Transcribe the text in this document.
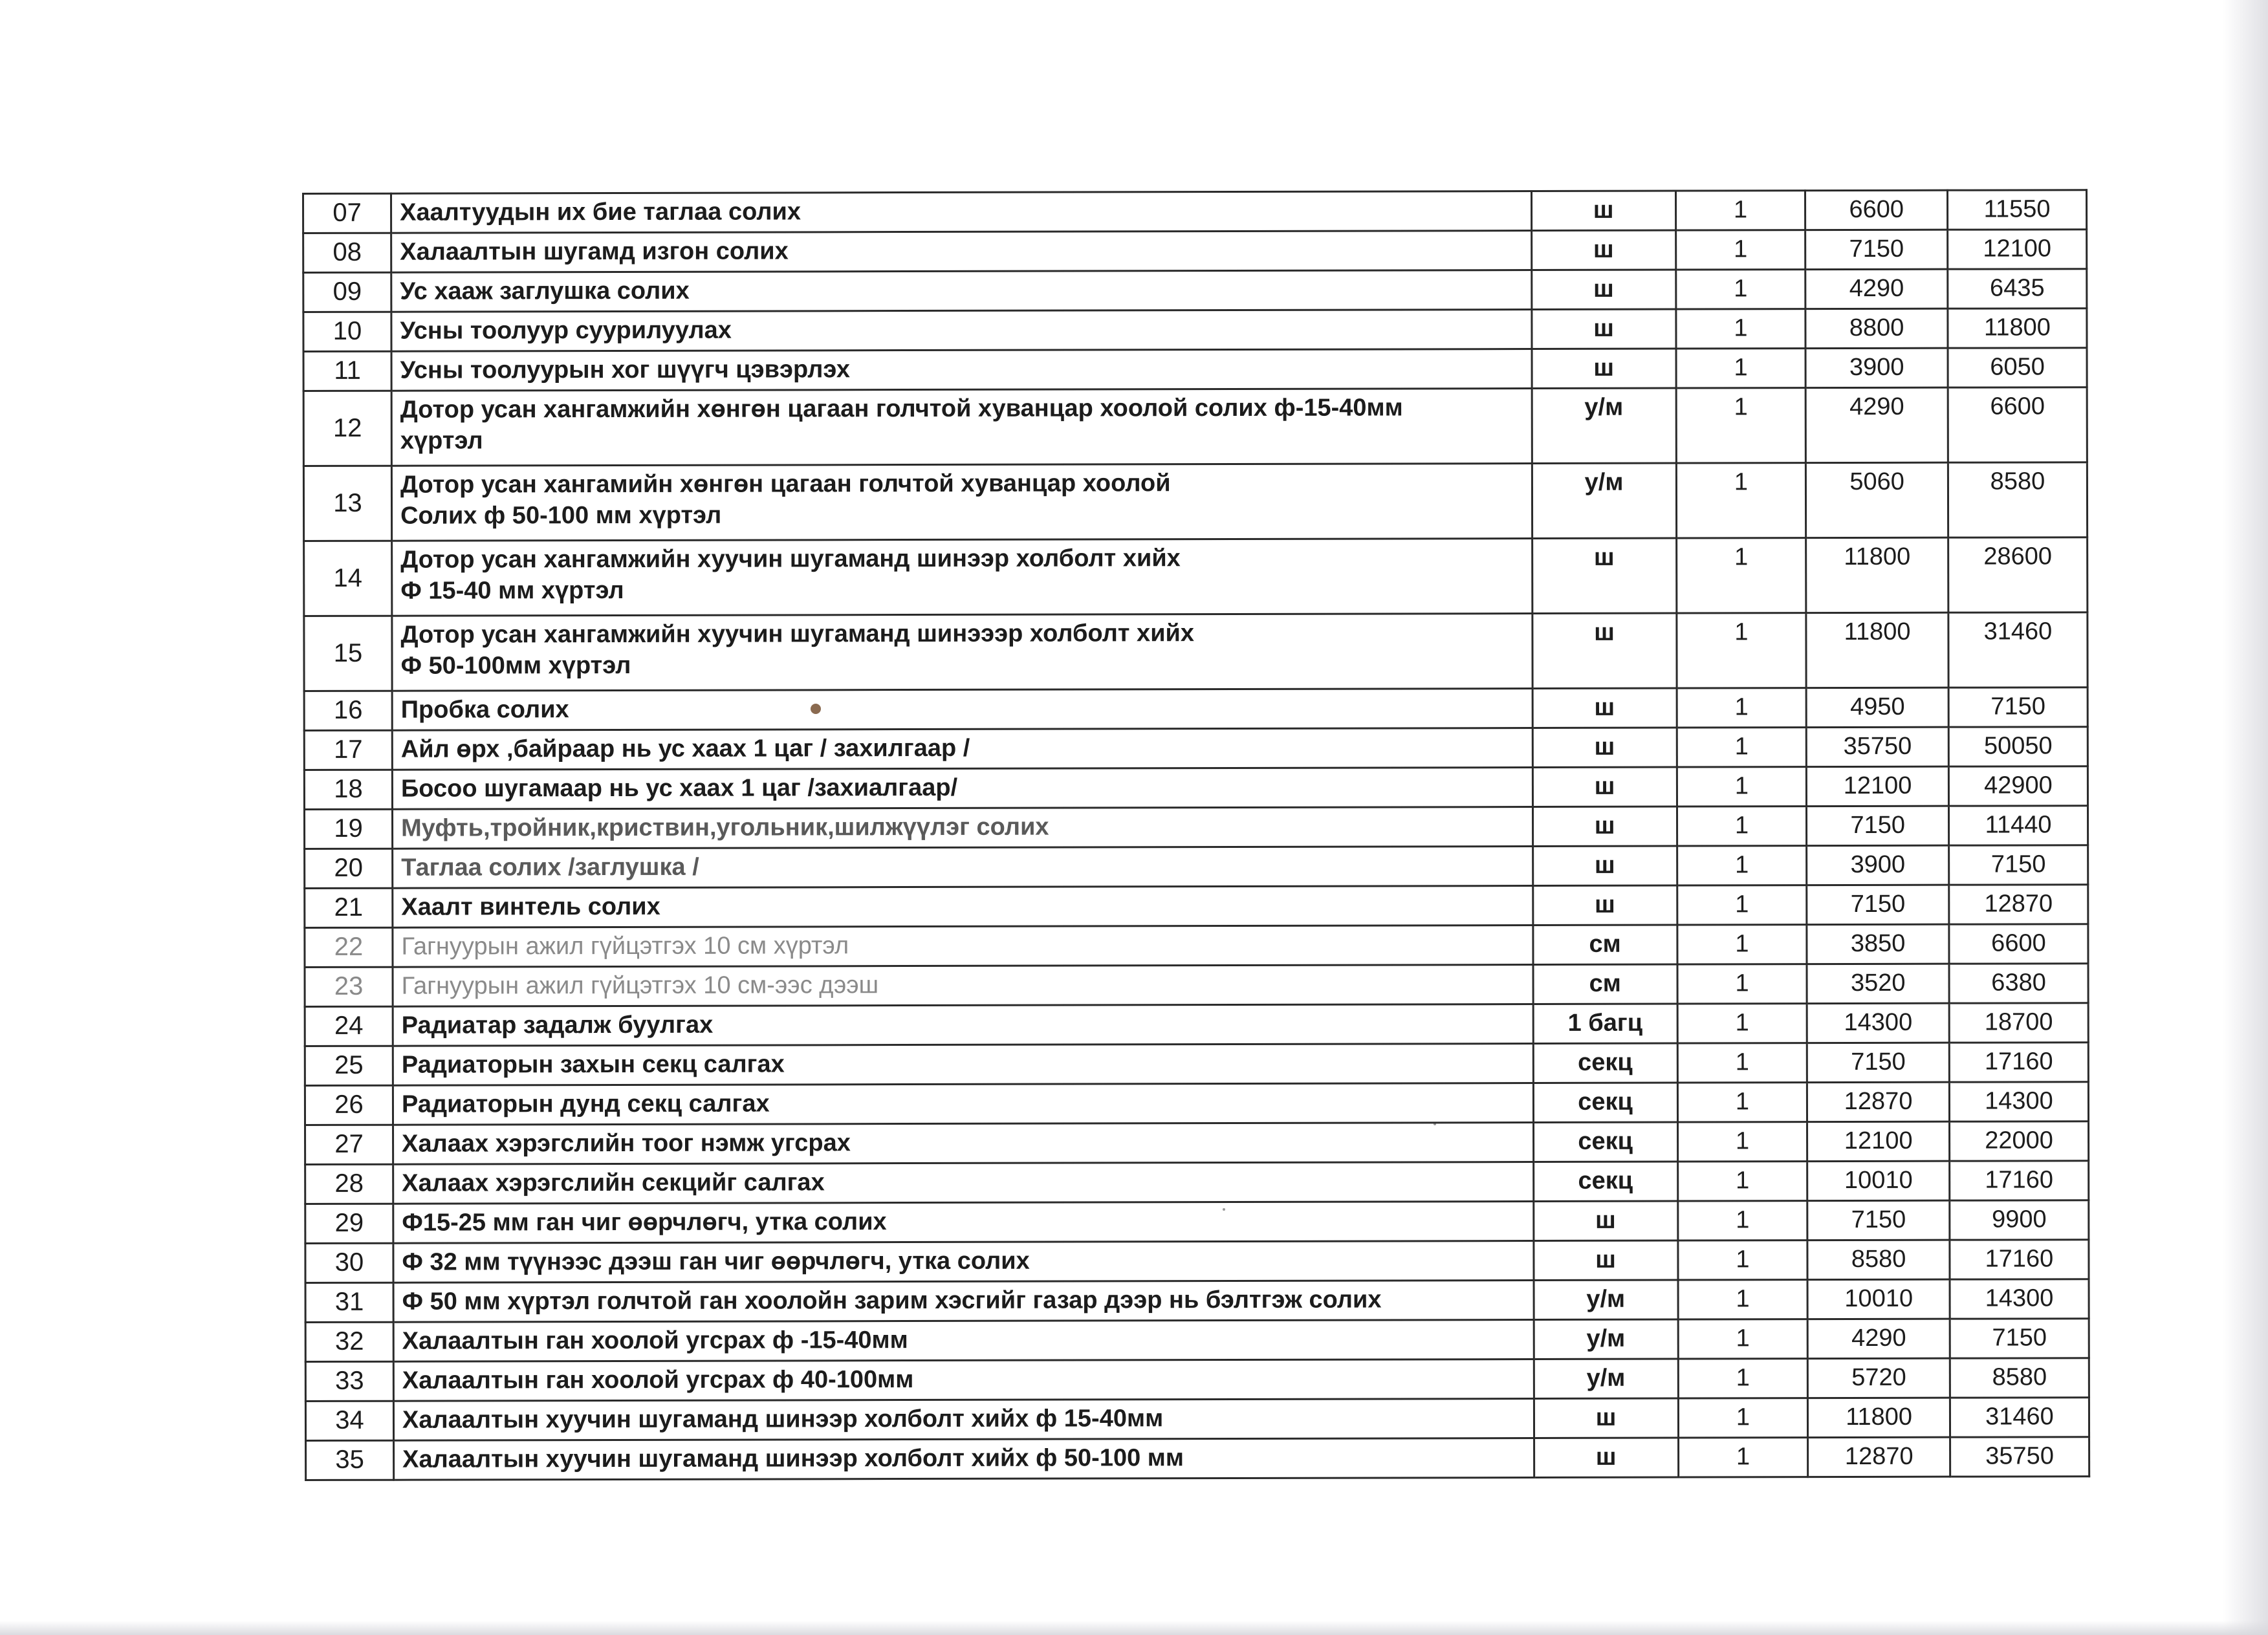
07	Хаалтуудын их бие таглаа солих	ш	1	6600	11550
08	Халаалтын шугамд изгон солих	ш	1	7150	12100
09	Ус хааж заглушка солих	ш	1	4290	6435
10	Усны тоолуур суурилуулах	ш	1	8800	11800
11	Усны тоолуурын хог шүүгч цэвэрлэх	ш	1	3900	6050
12	Дотор усан хангамжийн хөнгөн цагаан голчтой хуванцар хоолой солих ф-15-40мм
хүртэл	у/м	1	4290	6600
13	Дотор усан хангамийн хөнгөн цагаан голчтой хуванцар хоолой
Солих ф 50-100 мм хүртэл	у/м	1	5060	8580
14	Дотор усан хангамжийн хуучин шугаманд шинээр холболт хийх
Ф 15-40 мм хүртэл	ш	1	11800	28600
15	Дотор усан хангамжийн хуучин шугаманд шинэээр холболт хийх
Ф 50-100мм хүртэл	ш	1	11800	31460
16	Пробка солих	ш	1	4950	7150
17	Айл өрх ,байраар нь ус хаах 1 цаг / захилгаар /	ш	1	35750	50050
18	Босоо шугамаар нь ус хаах 1 цаг /захиалгаар/	ш	1	12100	42900
19	Муфть,тройник,криствин,угольник,шилжүүлэг солих	ш	1	7150	11440
20	Таглаа солих /заглушка /	ш	1	3900	7150
21	Хаалт винтель солих	ш	1	7150	12870
22	Гагнуурын ажил гүйцэтгэх 10 см хүртэл	см	1	3850	6600
23	Гагнуурын ажил гүйцэтгэх 10 см-ээс дээш	см	1	3520	6380
24	Радиатар задалж буулгах	1 багц	1	14300	18700
25	Радиаторын захын секц салгах	секц	1	7150	17160
26	Радиаторын дунд секц салгах	секц	1	12870	14300
27	Халаах хэрэгслийн тоог нэмж угсрах	секц	1	12100	22000
28	Халаах хэрэгслийн секцийг салгах	секц	1	10010	17160
29	Ф15-25 мм ган чиг өөрчлөгч, утка солих	ш	1	7150	9900
30	Ф 32 мм түүнээс дээш ган чиг өөрчлөгч, утка солих	ш	1	8580	17160
31	Ф 50 мм хүртэл голчтой ган хоолойн зарим хэсгийг газар дээр нь бэлтгэж солих	у/м	1	10010	14300
32	Халаалтын ган хоолой угсрах ф -15-40мм	у/м	1	4290	7150
33	Халаалтын ган хоолой угсрах ф 40-100мм	у/м	1	5720	8580
34	Халаалтын хуучин шугаманд шинээр холболт хийх ф 15-40мм	ш	1	11800	31460
35	Халаалтын хуучин шугаманд шинээр холболт хийх ф 50-100 мм	ш	1	12870	35750
